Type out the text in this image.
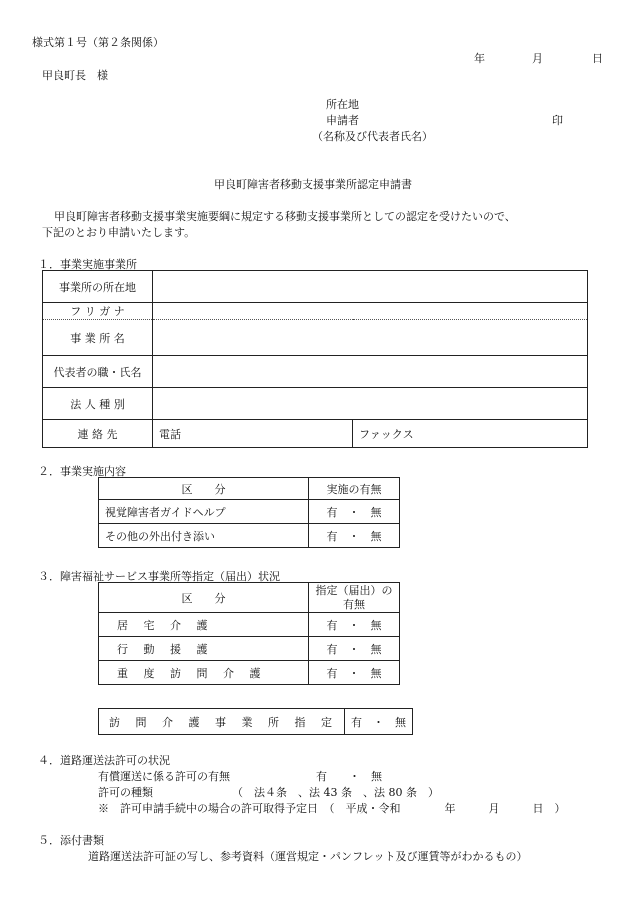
様式第１号（第２条関係）
年	月	日
甲良町長　様
所在地
申請者	印
（名称及び代表者氏名）
甲良町障害者移動支援事業所認定申請書
甲良町障害者移動支援事業実施要綱に規定する移動支援事業所としての認定を受けたいので、
下記のとおり申請いたします。
１．事業実施事業所
事業所の所在地		
フ リ ガ ナ		
事 業 所 名		
代表者の職・氏名		
法 人 種 別		
連 絡 先	電話	ファックス
２．事業実施内容
区　　分	実施の有無
視覚障害者ガイドヘルプ	有　・　無
その他の外出付き添い	有　・　無
３．障害福祉サービス事業所等指定（届出）状況
区　　分	指定（届出）の
有無
居 宅 介 護	有　・　無
行 動 援 護	有　・　無
重 度 訪 問 介 護	有　・　無
訪 問 介 護 事 業 所 指 定	有　・　無
４．道路運送法許可の状況
有償運送に係る許可の有無	有　　・　無
許可の種類	（　法４条　、法 43 条　、法 80 条　）
※　許可申請手続中の場合の許可取得予定日　（　平成・令和　　　　年　　　月　　　日　）
５．添付書類
道路運送法許可証の写し、参考資料（運営規定・パンフレット及び運賃等がわかるもの）
